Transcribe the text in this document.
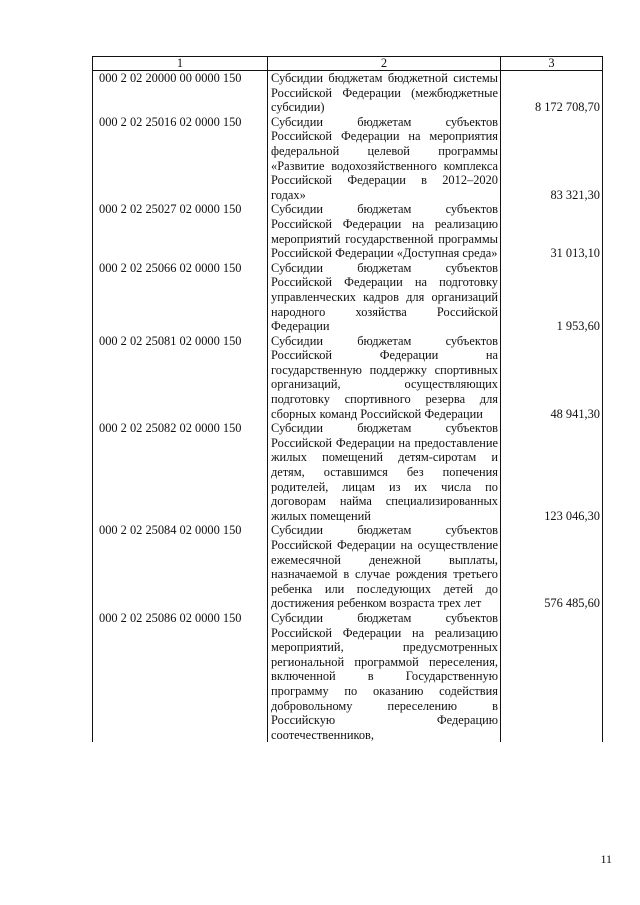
1	2	3
000 2 02 20000 00 0000 150	Субсидии бюджетам бюджетной системы Российской Федерации (межбюджетные субсидии)	8 172 708,70
000 2 02 25016 02 0000 150	Субсидии бюджетам субъектов Российской Федерации на мероприятия федеральной целевой программы «Развитие водохозяйственного комплекса Российской Федерации в 2012–2020 годах»	83 321,30
000 2 02 25027 02 0000 150	Субсидии бюджетам субъектов Российской Федерации на реализацию мероприятий государственной программы Российской Федерации «Доступная среда»	31 013,10
000 2 02 25066 02 0000 150	Субсидии бюджетам субъектов Российской Федерации на подготовку управленческих кадров для организаций народного хозяйства Российской Федерации	1 953,60
000 2 02 25081 02 0000 150	Субсидии бюджетам субъектов Российской Федерации на государственную поддержку спортивных организаций, осуществляющих подготовку спортивного резерва для сборных команд Российской Федерации	48 941,30
000 2 02 25082 02 0000 150	Субсидии бюджетам субъектов Российской Федерации на предоставление жилых помещений детям-сиротам и детям, оставшимся без попечения родителей, лицам из их числа по договорам найма специализированных жилых помещений	123 046,30
000 2 02 25084 02 0000 150	Субсидии бюджетам субъектов Российской Федерации на осуществление ежемесячной денежной выплаты, назначаемой в случае рождения третьего ребенка или последующих детей до достижения ребенком возраста трех лет	576 485,60
000 2 02 25086 02 0000 150	Субсидии бюджетам субъектов Российской Федерации на реализацию мероприятий, предусмотренных региональной программой переселения, включенной в Государственную программу по оказанию содействия добровольному переселению в Российскую Федерацию соотечественников,	
11
